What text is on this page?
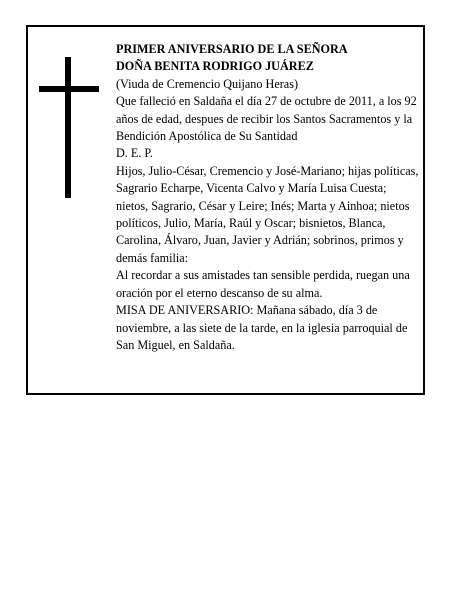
PRIMER ANIVERSARIO DE LA SEÑORA
DOÑA BENITA RODRIGO JUÁREZ
(Viuda de Cremencio Quijano Heras)
Que falleció en Saldaña el día 27 de octubre de 2011, a los 92 años de edad, despues de recibir los Santos Sacramentos y la Bendición Apostólica de Su Santidad
D. E. P.
Hijos, Julio-César, Cremencio y José-Mariano; hijas políticas, Sagrario Echarpe, Vicenta Calvo y María Luisa Cuesta; nietos, Sagrario, César y Leire; Inés; Marta y Ainhoa; nietos políticos, Julio, María, Raúl y Oscar; bisnietos, Blanca, Carolina, Álvaro, Juan, Javier y Adrián; sobrinos, primos y demás familia:
Al recordar a sus amistades tan sensible perdida, ruegan una oración por el eterno descanso de su alma.
MISA DE ANIVERSARIO: Mañana sábado, día 3 de noviembre, a las siete de la tarde, en la iglesia parroquial de San Miguel, en Saldaña.
